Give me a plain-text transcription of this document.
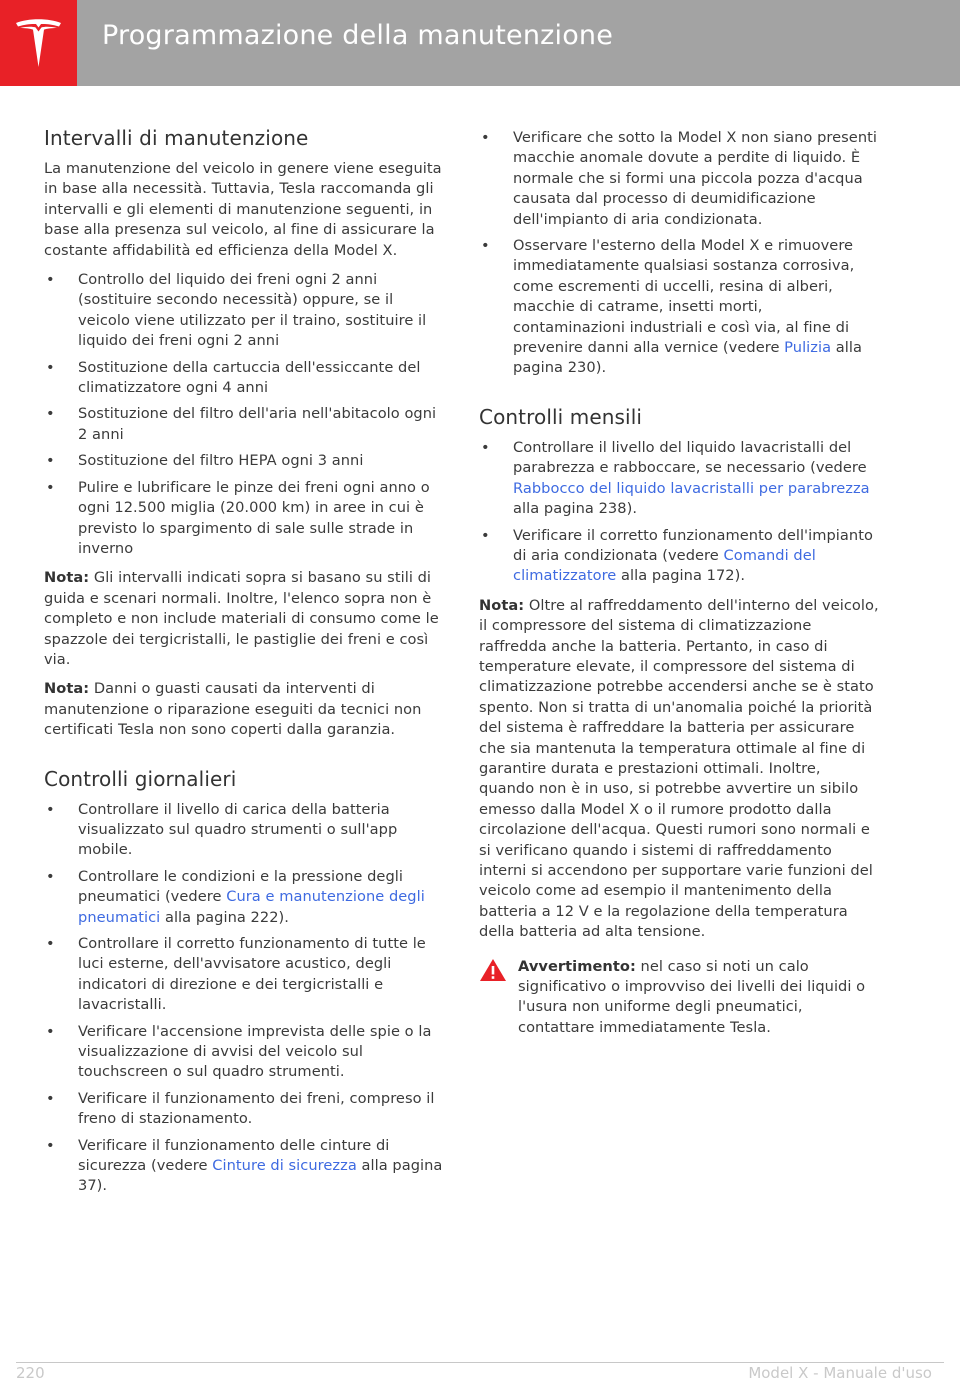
Programmazione della manutenzione
Intervalli di manutenzione

La manutenzione del veicolo in genere viene eseguita in base alla necessità. Tuttavia, Tesla raccomanda gli intervalli e gli elementi di manutenzione seguenti, in base alla presenza sul veicolo, al fine di assicurare la costante affidabilità ed efficienza della Model X.

• Controllo del liquido dei freni ogni 2 anni (sostituire secondo necessità) oppure, se il veicolo viene utilizzato per il traino, sostituire il liquido dei freni ogni 2 anni
• Sostituzione della cartuccia dell'essiccante del climatizzatore ogni 4 anni
• Sostituzione del filtro dell'aria nell'abitacolo ogni 2 anni
• Sostituzione del filtro HEPA ogni 3 anni
• Pulire e lubrificare le pinze dei freni ogni anno o ogni 12.500 miglia (20.000 km) in aree in cui è previsto lo spargimento di sale sulle strade in inverno

Nota: Gli intervalli indicati sopra si basano su stili di guida e scenari normali. Inoltre, l'elenco sopra non è completo e non include materiali di consumo come le spazzole dei tergicristalli, le pastiglie dei freni e così via.

Nota: Danni o guasti causati da interventi di manutenzione o riparazione eseguiti da tecnici non certificati Tesla non sono coperti dalla garanzia.

Controlli giornalieri
• Controllare il livello di carica della batteria visualizzato sul quadro strumenti o sull'app mobile.
• Controllare le condizioni e la pressione degli pneumatici (vedere Cura e manutenzione degli pneumatici alla pagina 222).
• Controllare il corretto funzionamento di tutte le luci esterne, dell'avvisatore acustico, degli indicatori di direzione e dei tergicristalli e lavacristalli.
• Verificare l'accensione imprevista delle spie o la visualizzazione di avvisi del veicolo sul touchscreen o sul quadro strumenti.
• Verificare il funzionamento dei freni, compreso il freno di stazionamento.
• Verificare il funzionamento delle cinture di sicurezza (vedere Cinture di sicurezza alla pagina 37).
• Verificare che sotto la Model X non siano presenti macchie anomale dovute a perdite di liquido. È normale che si formi una piccola pozza d'acqua causata dal processo di deumidificazione dell'impianto di aria condizionata.
• Osservare l'esterno della Model X e rimuovere immediatamente qualsiasi sostanza corrosiva, come escrementi di uccelli, resina di alberi, macchie di catrame, insetti morti, contaminazioni industriali e così via, al fine di prevenire danni alla vernice (vedere Pulizia alla pagina 230).
Controlli mensili
• Controllare il livello del liquido lavacristalli del parabrezza e rabboccare, se necessario (vedere Rabbocco del liquido lavacristalli per parabrezza alla pagina 238).
• Verificare il corretto funzionamento dell'impianto di aria condizionata (vedere Comandi del climatizzatore alla pagina 172).

Nota: Oltre al raffreddamento dell'interno del veicolo, il compressore del sistema di climatizzazione raffredda anche la batteria. Pertanto, in caso di temperature elevate, il compressore del sistema di climatizzazione potrebbe accendersi anche se è stato spento. Non si tratta di un'anomalia poiché la priorità del sistema è raffreddare la batteria per assicurare che sia mantenuta la temperatura ottimale al fine di garantire durata e prestazioni ottimali. Inoltre, quando non è in uso, si potrebbe avvertire un sibilo emesso dalla Model X o il rumore prodotto dalla circolazione dell'acqua. Questi rumori sono normali e si verificano quando i sistemi di raffreddamento interni si accendono per supportare varie funzioni del veicolo come ad esempio il mantenimento della batteria a 12 V e la regolazione della temperatura della batteria ad alta tensione.

Avvertimento: nel caso si noti un calo significativo o improvviso dei livelli dei liquidi o l'usura non uniforme degli pneumatici, contattare immediatamente Tesla.

220	Model X - Manuale d'uso
